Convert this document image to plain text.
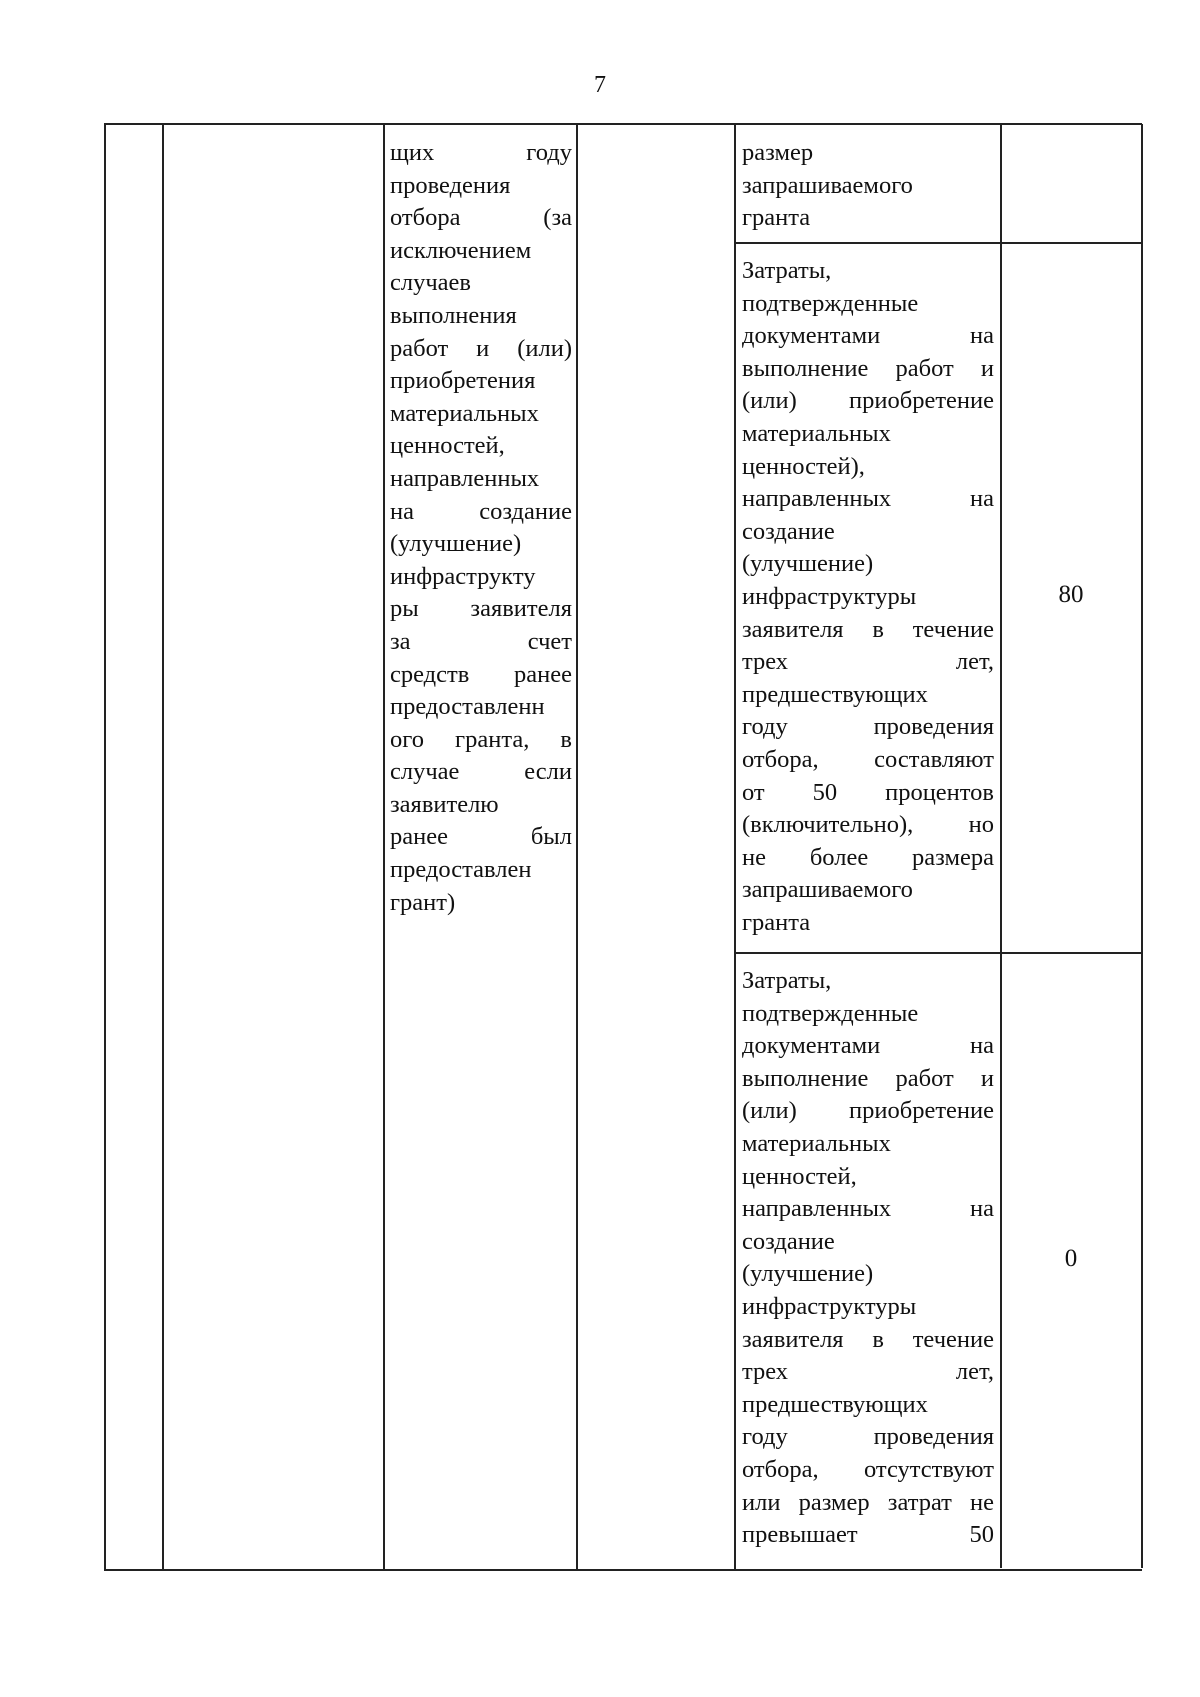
7
щих году
проведения
отбора (за
исключением
случаев
выполнения
работ и (или)
приобретения
материальных
ценностей,
направленных
на создание
(улучшение)
инфраструкту
ры заявителя
за счет
средств ранее
предоставленн
ого гранта, в
случае если
заявителю
ранее был
предоставлен
грант)
размер
запрашиваемого
гранта
Затраты,
подтвержденные
документами на
выполнение работ и
(или) приобретение
материальных
ценностей),
направленных на
создание
(улучшение)
инфраструктуры
заявителя в течение
трех лет,
предшествующих
году проведения
отбора, составляют
от 50 процентов
(включительно), но
не более размера
запрашиваемого
гранта
Затраты,
подтвержденные
документами на
выполнение работ и
(или) приобретение
материальных
ценностей,
направленных на
создание
(улучшение)
инфраструктуры
заявителя в течение
трех лет,
предшествующих
году проведения
отбора, отсутствуют
или размер затрат не
превышает 50
80
0
